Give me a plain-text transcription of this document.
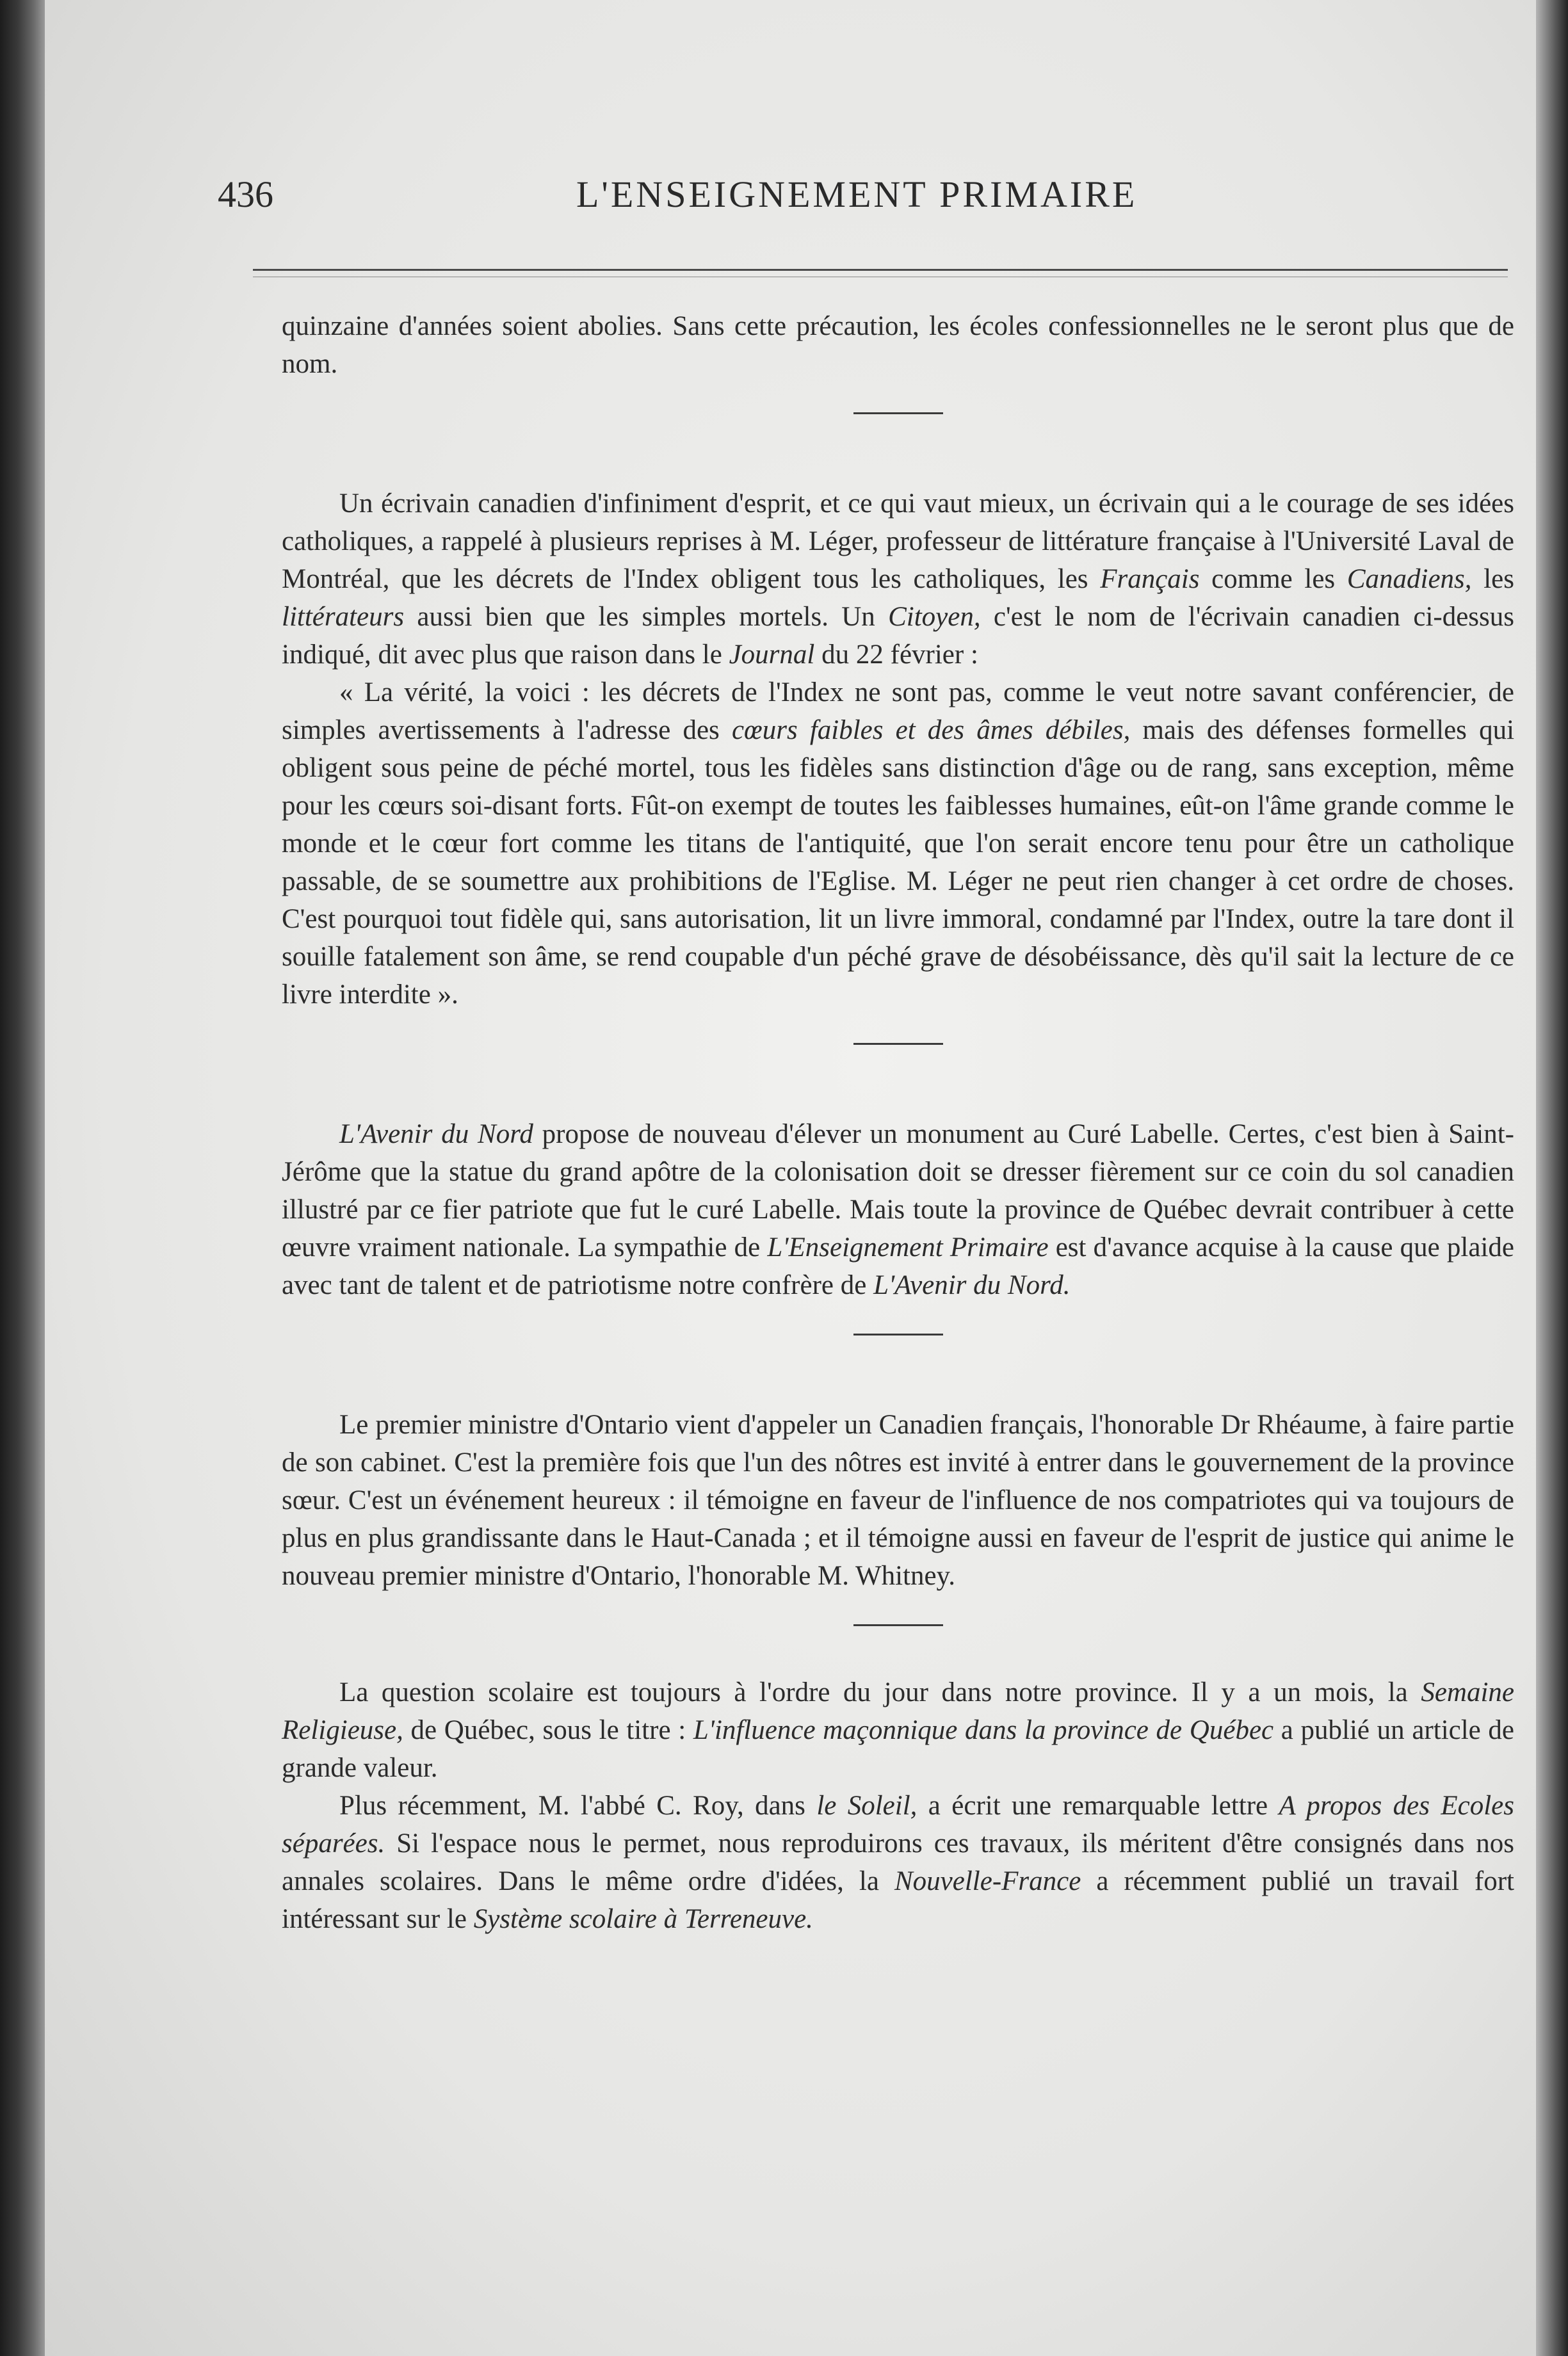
436	L'ENSEIGNEMENT PRIMAIRE

quinzaine d'années soient abolies. Sans cette précaution, les écoles confessionnelles ne le seront plus que de nom.

Un écrivain canadien d'infiniment d'esprit, et ce qui vaut mieux, un écrivain qui a le courage de ses idées catholiques, a rappelé à plusieurs reprises à M. Léger, professeur de littérature française à l'Université Laval de Montréal, que les décrets de l'Index obligent tous les catholiques, les Français comme les Canadiens, les littérateurs aussi bien que les simples mortels. Un Citoyen, c'est le nom de l'écrivain canadien ci-dessus indiqué, dit avec plus que raison dans le Journal du 22 février :

« La vérité, la voici : les décrets de l'Index ne sont pas, comme le veut notre savant conférencier, de simples avertissements à l'adresse des cœurs faibles et des âmes débiles, mais des défenses formelles qui obligent sous peine de péché mortel, tous les fidèles sans distinction d'âge ou de rang, sans exception, même pour les cœurs soi-disant forts. Fût-on exempt de toutes les faiblesses humaines, eût-on l'âme grande comme le monde et le cœur fort comme les titans de l'antiquité, que l'on serait encore tenu pour être un catholique passable, de se soumettre aux prohibitions de l'Eglise. M. Léger ne peut rien changer à cet ordre de choses. C'est pourquoi tout fidèle qui, sans autorisation, lit un livre immoral, condamné par l'Index, outre la tare dont il souille fatalement son âme, se rend coupable d'un péché grave de désobéissance, dès qu'il sait la lecture de ce livre interdite ».

L'Avenir du Nord propose de nouveau d'élever un monument au Curé Labelle. Certes, c'est bien à Saint-Jérôme que la statue du grand apôtre de la colonisation doit se dresser fièrement sur ce coin du sol canadien illustré par ce fier patriote que fut le curé Labelle. Mais toute la province de Québec devrait contribuer à cette œuvre vraiment nationale. La sympathie de L'Enseignement Primaire est d'avance acquise à la cause que plaide avec tant de talent et de patriotisme notre confrère de L'Avenir du Nord.

Le premier ministre d'Ontario vient d'appeler un Canadien français, l'honorable Dr Rhéaume, à faire partie de son cabinet. C'est la première fois que l'un des nôtres est invité à entrer dans le gouvernement de la province sœur. C'est un événement heureux : il témoigne en faveur de l'influence de nos compatriotes qui va toujours de plus en plus grandissante dans le Haut-Canada ; et il témoigne aussi en faveur de l'esprit de justice qui anime le nouveau premier ministre d'Ontario, l'honorable M. Whitney.

La question scolaire est toujours à l'ordre du jour dans notre province. Il y a un mois, la Semaine Religieuse, de Québec, sous le titre : L'influence maçonnique dans la province de Québec a publié un article de grande valeur.

Plus récemment, M. l'abbé C. Roy, dans le Soleil, a écrit une remarquable lettre A propos des Ecoles séparées. Si l'espace nous le permet, nous reproduirons ces travaux, ils méritent d'être consignés dans nos annales scolaires. Dans le même ordre d'idées, la Nouvelle-France a récemment publié un travail fort intéressant sur le Système scolaire à Terreneuve.
